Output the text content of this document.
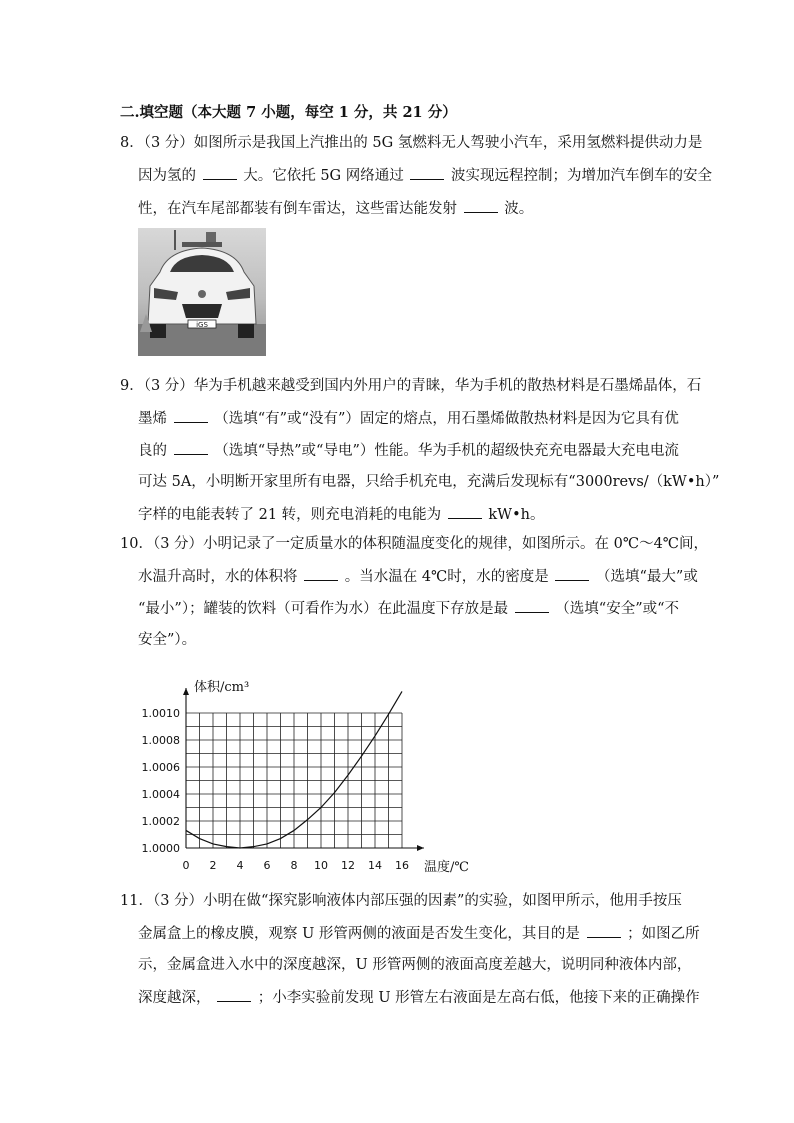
二.填空题（本大题 7 小题，每空 1 分，共 21 分）
8．（3 分）如图所示是我国上汽推出的 5G 氢燃料无人驾驶小汽车，采用氢燃料提供动力是
因为氢的	大。它依托 5G 网络通过	波实现远程控制；为增加汽车倒车的安全
性，在汽车尾部都装有倒车雷达，这些雷达能发射	波。
iGS
9．（3 分）华为手机越来越受到国内外用户的青睐，华为手机的散热材料是石墨烯晶体，石
墨烯	（选填“有”或“没有”）固定的熔点，用石墨烯做散热材料是因为它具有优
良的	（选填“导热”或“导电”）性能。华为手机的超级快充充电器最大充电电流
可达 5A，小明断开家里所有电器，只给手机充电，充满后发现标有“3000revs/（kW•h）”
字样的电能表转了 21 转，则充电消耗的电能为	kW•h。
10．（3 分）小明记录了一定质量水的体积随温度变化的规律，如图所示。在 0℃～4℃间，
水温升高时，水的体积将	。当水温在 4℃时，水的密度是	（选填“最大”或
“最小”）；罐装的饮料（可看作为水）在此温度下存放是最	（选填“安全”或“不
安全”）。
0 2 4 6 8 10 12 14 16
1.0000
1.0002
1.0004
1.0006
1.0008
1.0010
体积/cm³
温度/℃
11．（3 分）小明在做“探究影响液体内部压强的因素”的实验，如图甲所示，他用手按压
金属盒上的橡皮膜，观察 U 形管两侧的液面是否发生变化，其目的是	；如图乙所
示，金属盒进入水中的深度越深，U 形管两侧的液面高度差越大，说明同种液体内部，
深度越深，	；小李实验前发现 U 形管左右液面是左高右低，他接下来的正确操作
